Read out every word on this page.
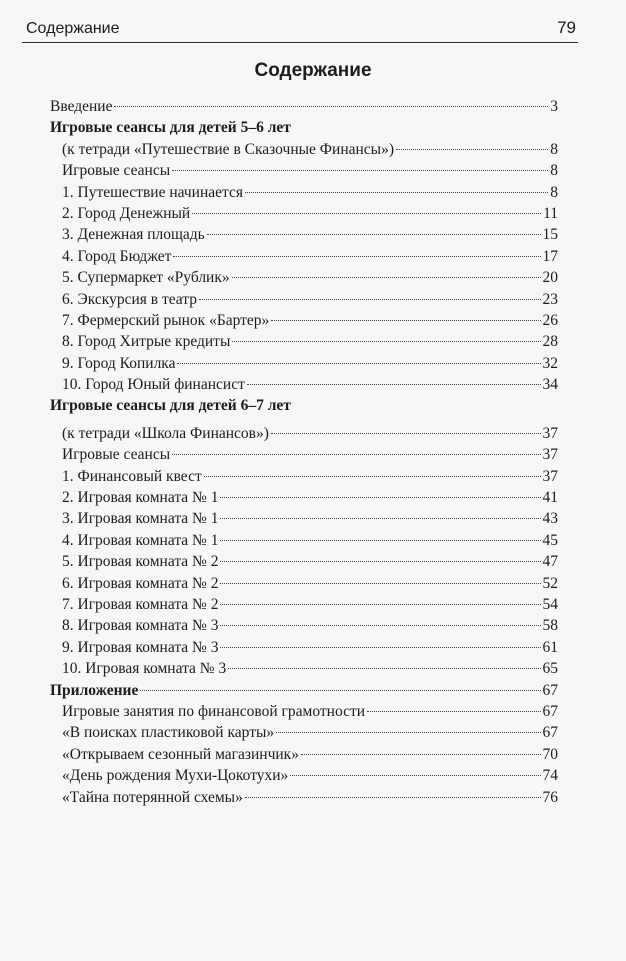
Содержание	79
Содержание
Введение	3
Игровые сеансы для детей 5–6 лет
(к тетради «Путешествие в Сказочные Финансы»)	8
Игровые сеансы	8
1. Путешествие начинается	8
2. Город Денежный	11
3. Денежная площадь	15
4. Город Бюджет	17
5. Супермаркет «Рублик»	20
6. Экскурсия в театр	23
7. Фермерский рынок «Бартер»	26
8. Город Хитрые кредиты	28
9. Город Копилка	32
10. Город Юный финансист	34
Игровые сеансы для детей 6–7 лет
(к тетради «Школа Финансов»)	37
Игровые сеансы	37
1. Финансовый квест	37
2. Игровая комната № 1	41
3. Игровая комната № 1	43
4. Игровая комната № 1	45
5. Игровая комната № 2	47
6. Игровая комната № 2	52
7. Игровая комната № 2	54
8. Игровая комната № 3	58
9. Игровая комната № 3	61
10. Игровая комната № 3	65
Приложение	67
Игровые занятия по финансовой грамотности	67
«В поисках пластиковой карты»	67
«Открываем сезонный магазинчик»	70
«День рождения Мухи-Цокотухи»	74
«Тайна потерянной схемы»	76
